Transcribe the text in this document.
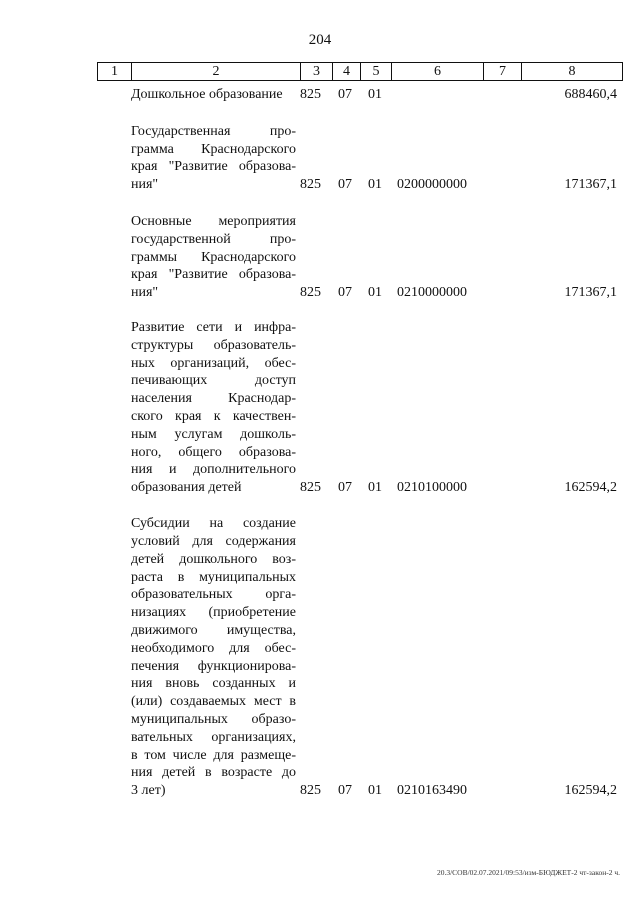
204
1	2	3	4	5	6	7	8
Дошкольное образование	825 07 01	688460,4
Государственная про-
грамма Краснодарского
края "Развитие образова-
ния"	825 07 01 0200000000	171367,1
Основные мероприятия
государственной про-
граммы Краснодарского
края "Развитие образова-
ния"	825 07 01 0210000000	171367,1
Развитие сети и инфра-
структуры образователь-
ных организаций, обес-
печивающих доступ
населения Краснодар-
ского края к качествен-
ным услугам дошколь-
ного, общего образова-
ния и дополнительного
образования детей	825 07 01 0210100000	162594,2
Субсидии на создание
условий для содержания
детей дошкольного воз-
раста в муниципальных
образовательных орга-
низациях (приобретение
движимого имущества,
необходимого для обес-
печения функционирова-
ния вновь созданных и
(или) создаваемых мест в
муниципальных образо-
вательных организациях,
в том числе для размеще-
ния детей в возрасте до
3 лет)	825 07 01 0210163490	162594,2
20.3/СОВ/02.07.2021/09:53/изм-БЮДЖЕТ-2 чт-закон-2 ч.
